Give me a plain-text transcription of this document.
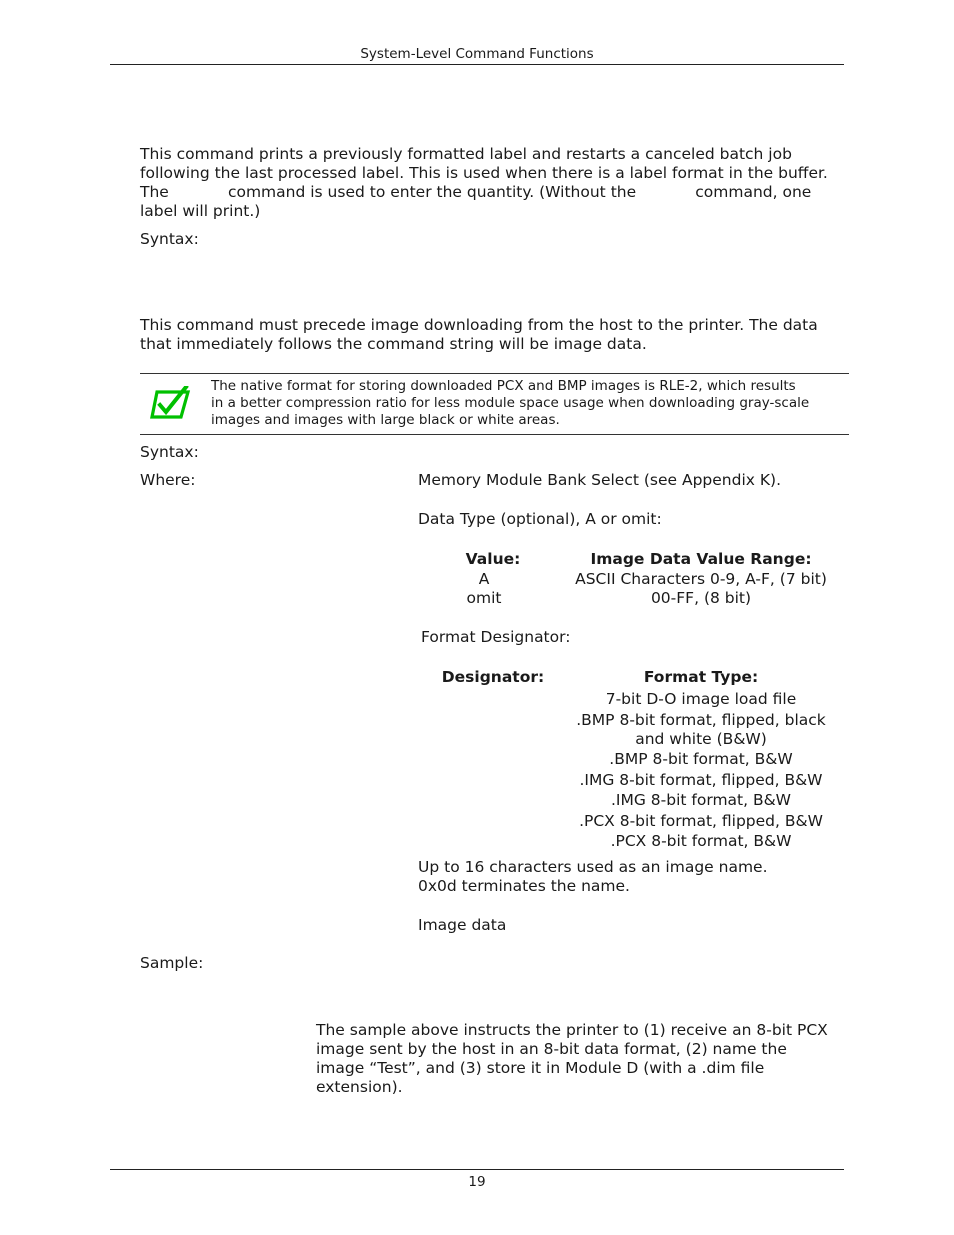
System-Level Command Functions
This command prints a previously formatted label and restarts a canceled batch job
following the last processed label. This is used when there is a label format in the buffer.
The            command is used to enter the quantity. (Without the            command, one
label will print.)
Syntax:
This command must precede image downloading from the host to the printer. The data
that immediately follows the command string will be image data.
The native format for storing downloaded PCX and BMP images is RLE-2, which results
in a better compression ratio for less module space usage when downloading gray-scale
images and images with large black or white areas.
Syntax:
Where:	Memory Module Bank Select (see Appendix K).
Data Type (optional), A or omit:
Value:	Image Data Value Range:
A	ASCII Characters 0-9, A-F, (7 bit)
omit	00-FF, (8 bit)
Format Designator:
Designator:	Format Type:
7-bit D-O image load file
.BMP 8-bit format, flipped, black
and white (B&W)
.BMP 8-bit format, B&W
.IMG 8-bit format, flipped, B&W
.IMG 8-bit format, B&W
.PCX 8-bit format, flipped, B&W
.PCX 8-bit format, B&W
Up to 16 characters used as an image name.
0x0d terminates the name.
Image data
Sample:
The sample above instructs the printer to (1) receive an 8-bit PCX
image sent by the host in an 8-bit data format, (2) name the
image “Test”, and (3) store it in Module D (with a .dim file
extension).
19
